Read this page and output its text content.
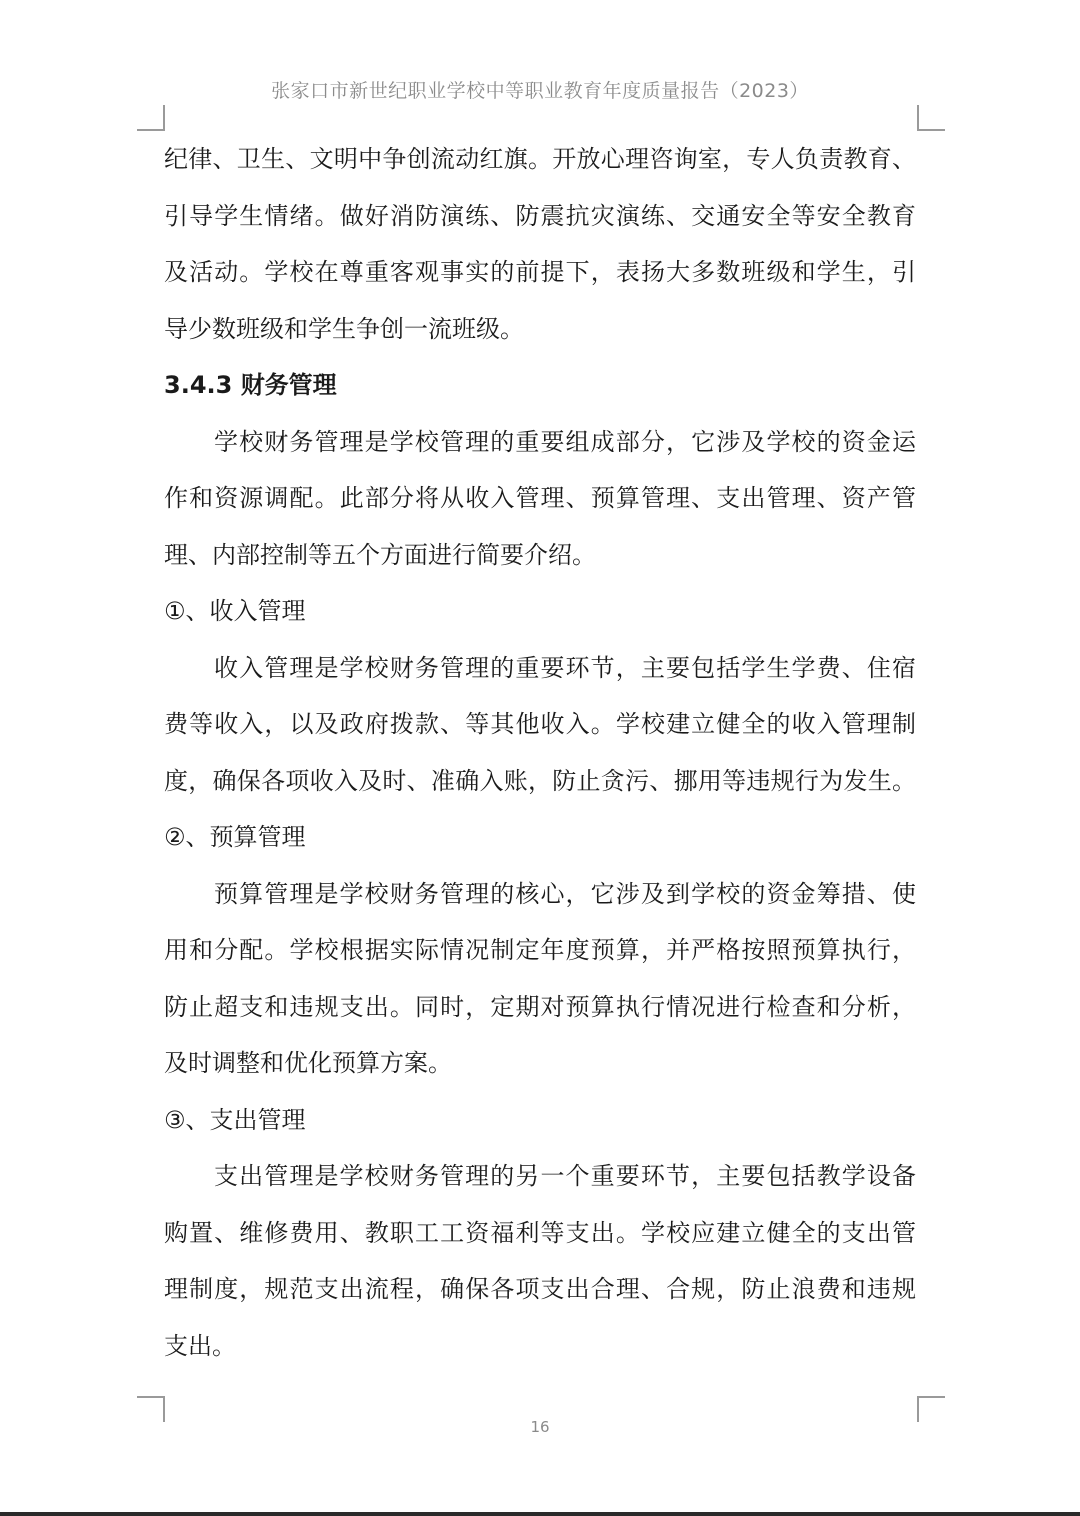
张家口市新世纪职业学校中等职业教育年度质量报告（2023）
纪律、卫生、文明中争创流动红旗。开放心理咨询室，专人负责教育、
引导学生情绪。做好消防演练、防震抗灾演练、交通安全等安全教育
及活动。学校在尊重客观事实的前提下，表扬大多数班级和学生，引
导少数班级和学生争创一流班级。
3.4.3 财务管理
学校财务管理是学校管理的重要组成部分，它涉及学校的资金运
作和资源调配。此部分将从收入管理、预算管理、支出管理、资产管
理、内部控制等五个方面进行简要介绍。
①、收入管理
收入管理是学校财务管理的重要环节，主要包括学生学费、住宿
费等收入，以及政府拨款、等其他收入。学校建立健全的收入管理制
度，确保各项收入及时、准确入账，防止贪污、挪用等违规行为发生。
②、预算管理
预算管理是学校财务管理的核心，它涉及到学校的资金筹措、使
用和分配。学校根据实际情况制定年度预算，并严格按照预算执行，
防止超支和违规支出。同时，定期对预算执行情况进行检查和分析，
及时调整和优化预算方案。
③、支出管理
支出管理是学校财务管理的另一个重要环节，主要包括教学设备
购置、维修费用、教职工工资福利等支出。学校应建立健全的支出管
理制度，规范支出流程，确保各项支出合理、合规，防止浪费和违规
支出。
16
